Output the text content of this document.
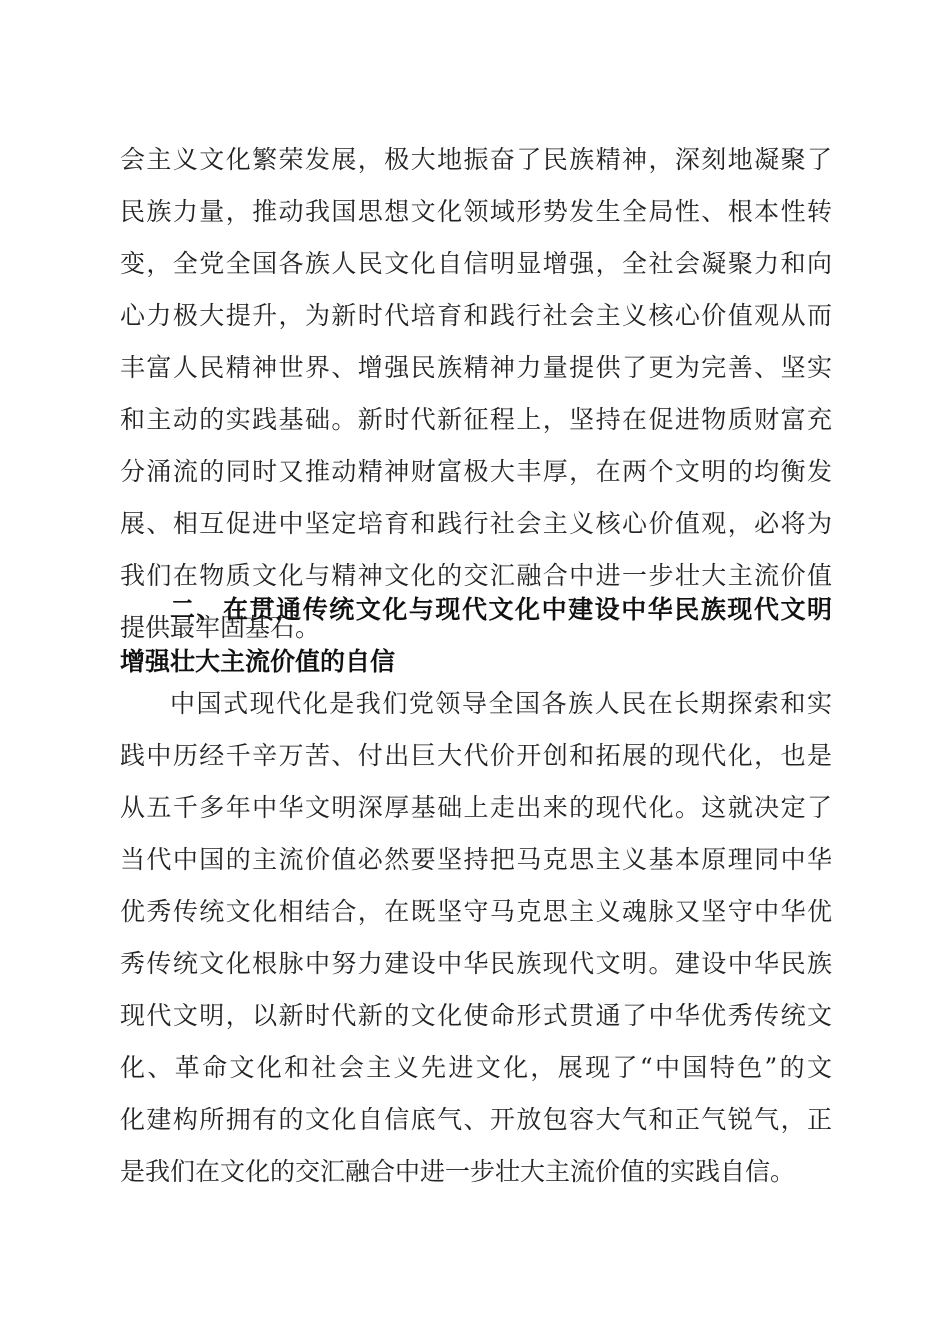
会主义文化繁荣发展，极大地振奋了民族精神，深刻地凝聚了
民族力量，推动我国思想文化领域形势发生全局性、根本性转
变，全党全国各族人民文化自信明显增强，全社会凝聚力和向
心力极大提升，为新时代培育和践行社会主义核心价值观从而
丰富人民精神世界、增强民族精神力量提供了更为完善、坚实
和主动的实践基础。新时代新征程上，坚持在促进物质财富充
分涌流的同时又推动精神财富极大丰厚，在两个文明的均衡发
展、相互促进中坚定培育和践行社会主义核心价值观，必将为
我们在物质文化与精神文化的交汇融合中进一步壮大主流价值
提供最牢固基石。
二、在贯通传统文化与现代文化中建设中华民族现代文明
增强壮大主流价值的自信
中国式现代化是我们党领导全国各族人民在长期探索和实
践中历经千辛万苦、付出巨大代价开创和拓展的现代化，也是
从五千多年中华文明深厚基础上走出来的现代化。这就决定了
当代中国的主流价值必然要坚持把马克思主义基本原理同中华
优秀传统文化相结合，在既坚守马克思主义魂脉又坚守中华优
秀传统文化根脉中努力建设中华民族现代文明。建设中华民族
现代文明，以新时代新的文化使命形式贯通了中华优秀传统文
化、革命文化和社会主义先进文化，展现了“中国特色”的文
化建构所拥有的文化自信底气、开放包容大气和正气锐气，正
是我们在文化的交汇融合中进一步壮大主流价值的实践自信。
